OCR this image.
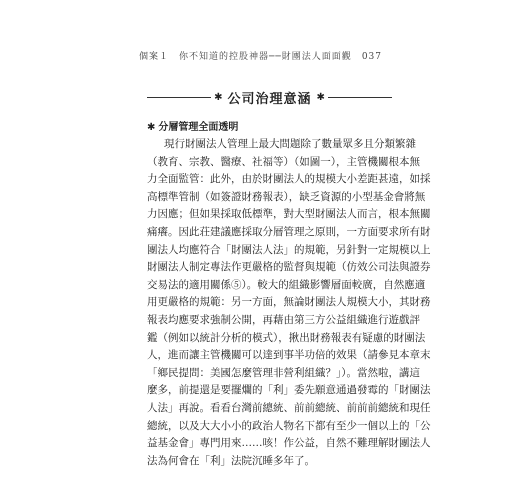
個案１　你不知道的控股神器──財團法人面面觀 037
✱ 公司治理意涵 ✱
✱ 分層管理全面透明
現行財團法人管理上最大問題除了數量眾多且分類繁雜
（教育、宗教、醫療、社福等）（如圖一），主管機關根本無
力全面監管：此外，由於財團法人的規模大小差距甚遠，如採
高標準管制（如簽證財務報表），缺乏資源的小型基金會將無
力因應；但如果採取低標準，對大型財團法人而言，根本無關
痛癢。因此荘建議應採取分層管理之原則，一方面要求所有財
團法人均應符合「財團法人法」的規範，另針對一定規模以上
財團法人制定專法作更嚴格的監督與規範（仿效公司法與證券
交易法的適用關係⑤）。較大的組織影響層面較廣，自然應適
用更嚴格的規範：另一方面，無論財團法人規模大小，其財務
報表均應要求強制公開，再藉由第三方公益組織進行遊戲評
鑑（例如以統計分析的模式），揪出財務報表有疑慮的財團法
人，進而讓主管機關可以達到事半功倍的效果（請參見本章末
「鄉民提問：美國怎麼管理非營利組織？」）。當然啦，講這
麼多，前提還是要擺爛的「利」委先願意通過發霉的「財團法
人法」再說。看看台灣前總統、前前總統、前前前總統和現任
總統，以及大大小小的政治人物名下都有至少一個以上的「公
益基金會」專門用來……咳！作公益，自然不難理解財團法人
法為何會在「利」法院沉睡多年了。
